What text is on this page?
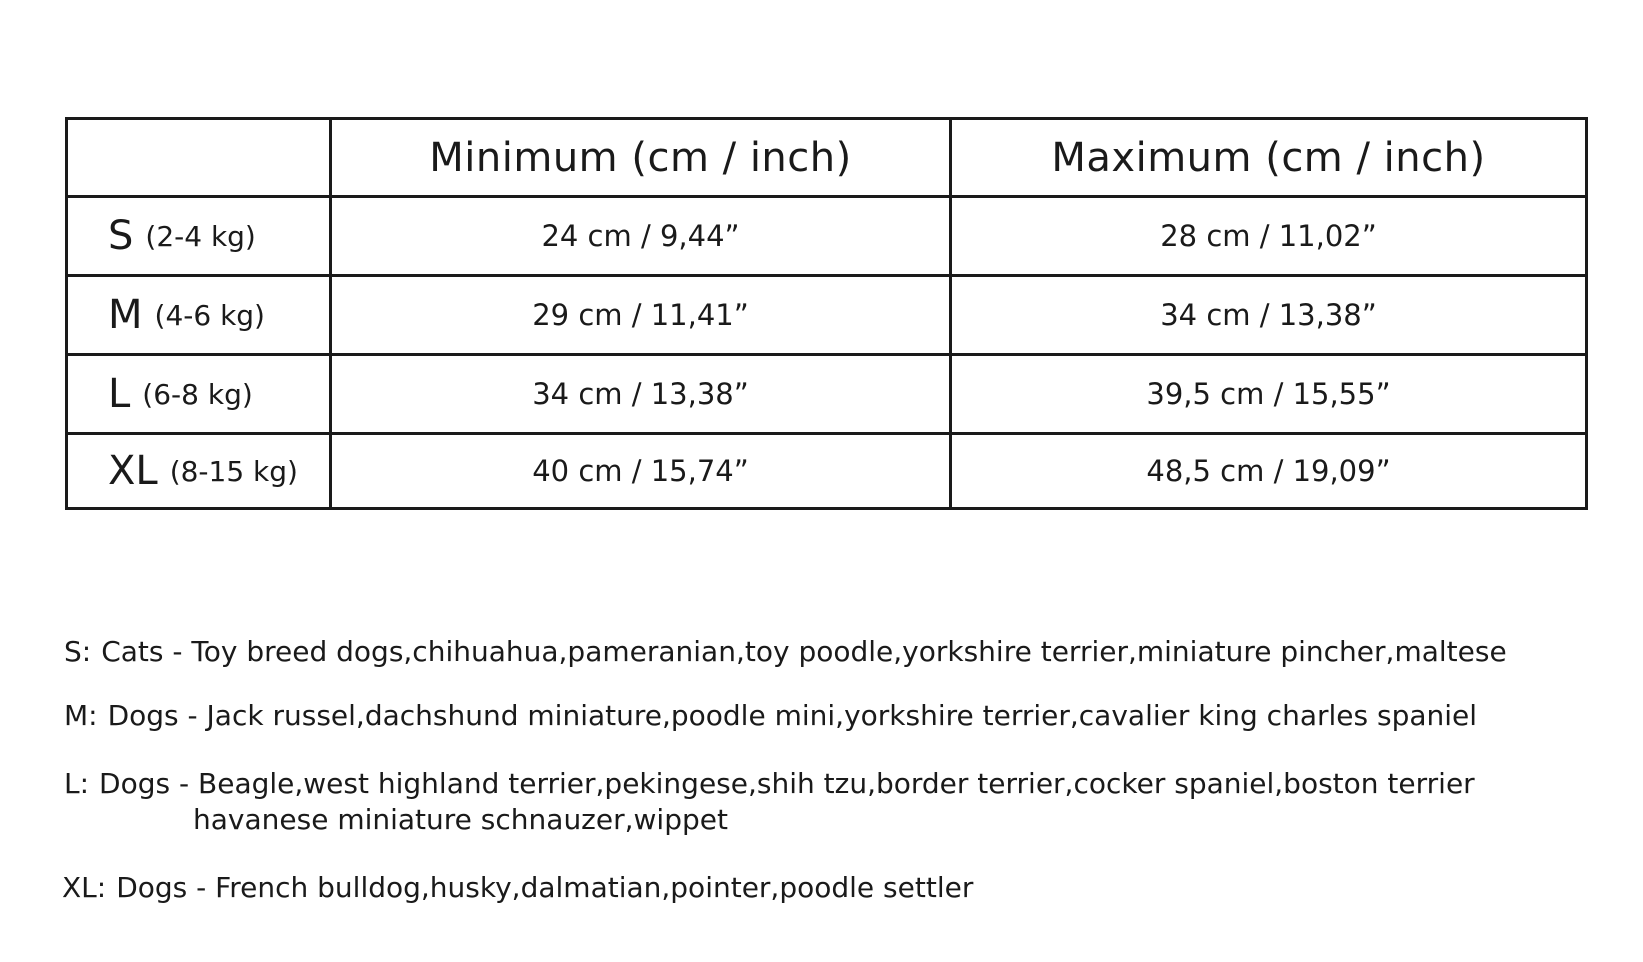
	Minimum (cm / inch)	Maximum (cm / inch)
S (2-4 kg)	24 cm / 9,44”	28 cm / 11,02”
M (4-6 kg)	29 cm / 11,41”	34 cm / 13,38”
L (6-8 kg)	34 cm / 13,38”	39,5 cm / 15,55”
XL (8-15 kg)	40 cm / 15,74”	48,5 cm / 19,09”
S: Cats - Toy breed dogs,chihuahua,pameranian,toy poodle,yorkshire terrier,miniature pincher,maltese
M: Dogs - Jack russel,dachshund miniature,poodle mini,yorkshire terrier,cavalier king charles spaniel
L: Dogs - Beagle,west highland terrier,pekingese,shih tzu,border terrier,cocker spaniel,boston terrier
havanese miniature schnauzer,wippet
XL: Dogs - French bulldog,husky,dalmatian,pointer,poodle settler
